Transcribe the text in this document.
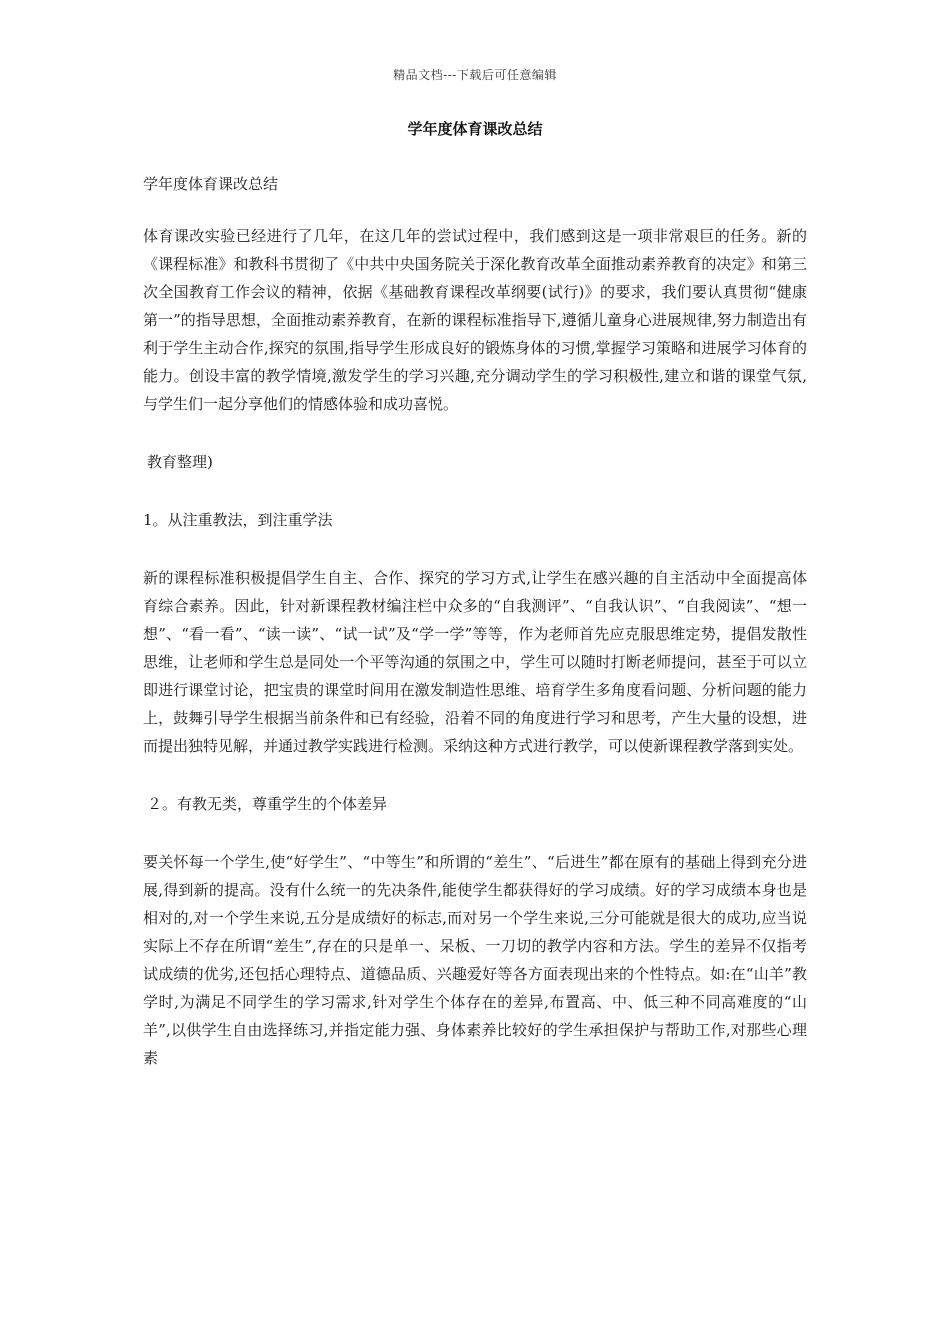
精品文档---下载后可任意编辑
学年度体育课改总结

学年度体育课改总结

体育课改实验已经进行了几年，在这几年的尝试过程中，我们感到这是一项非常艰巨的任务。新的《课程标准》和教科书贯彻了《中共中央国务院关于深化教育改革全面推动素养教育的决定》和第三次全国教育工作会议的精神，依据《基础教育课程改革纲要(试行)》的要求，我们要认真贯彻“健康第一”的指导思想，全面推动素养教育，在新的课程标准指导下,遵循儿童身心进展规律,努力制造出有利于学生主动合作,探究的氛围,指导学生形成良好的锻炼身体的习惯,掌握学习策略和进展学习体育的能力。创设丰富的教学情境,激发学生的学习兴趣,充分调动学生的学习积极性,建立和谐的课堂气氛,与学生们一起分享他们的情感体验和成功喜悦。

教育整理)

1。从注重教法，到注重学法

新的课程标准积极提倡学生自主、合作、探究的学习方式,让学生在感兴趣的自主活动中全面提高体育综合素养。因此，针对新课程教材编注栏中众多的“自我测评”、“自我认识”、“自我阅读”、“想一想”、“看一看”、“读一读”、“试一试”及“学一学”等等，作为老师首先应克服思维定势，提倡发散性思维，让老师和学生总是同处一个平等沟通的氛围之中，学生可以随时打断老师提问，甚至于可以立即进行课堂讨论，把宝贵的课堂时间用在激发制造性思维、培育学生多角度看问题、分析问题的能力上，鼓舞引导学生根据当前条件和已有经验，沿着不同的角度进行学习和思考，产生大量的设想，进而提出独特见解，并通过教学实践进行检测。采纳这种方式进行教学，可以使新课程教学落到实处。

２。有教无类，尊重学生的个体差异

要关怀每一个学生,使“好学生”、“中等生”和所谓的“差生”、“后进生”都在原有的基础上得到充分进展,得到新的提高。没有什么统一的先决条件,能使学生都获得好的学习成绩。好的学习成绩本身也是相对的,对一个学生来说,五分是成绩好的标志,而对另一个学生来说,三分可能就是很大的成功,应当说实际上不存在所谓“差生”,存在的只是单一、呆板、一刀切的教学内容和方法。学生的差异不仅指考试成绩的优劣,还包括心理特点、道德品质、兴趣爱好等各方面表现出来的个性特点。如:在“山羊”教学时,为满足不同学生的学习需求,针对学生个体存在的差异,布置高、中、低三种不同高难度的“山羊”,以供学生自由选择练习,并指定能力强、身体素养比较好的学生承担保护与帮助工作,对那些心理素
